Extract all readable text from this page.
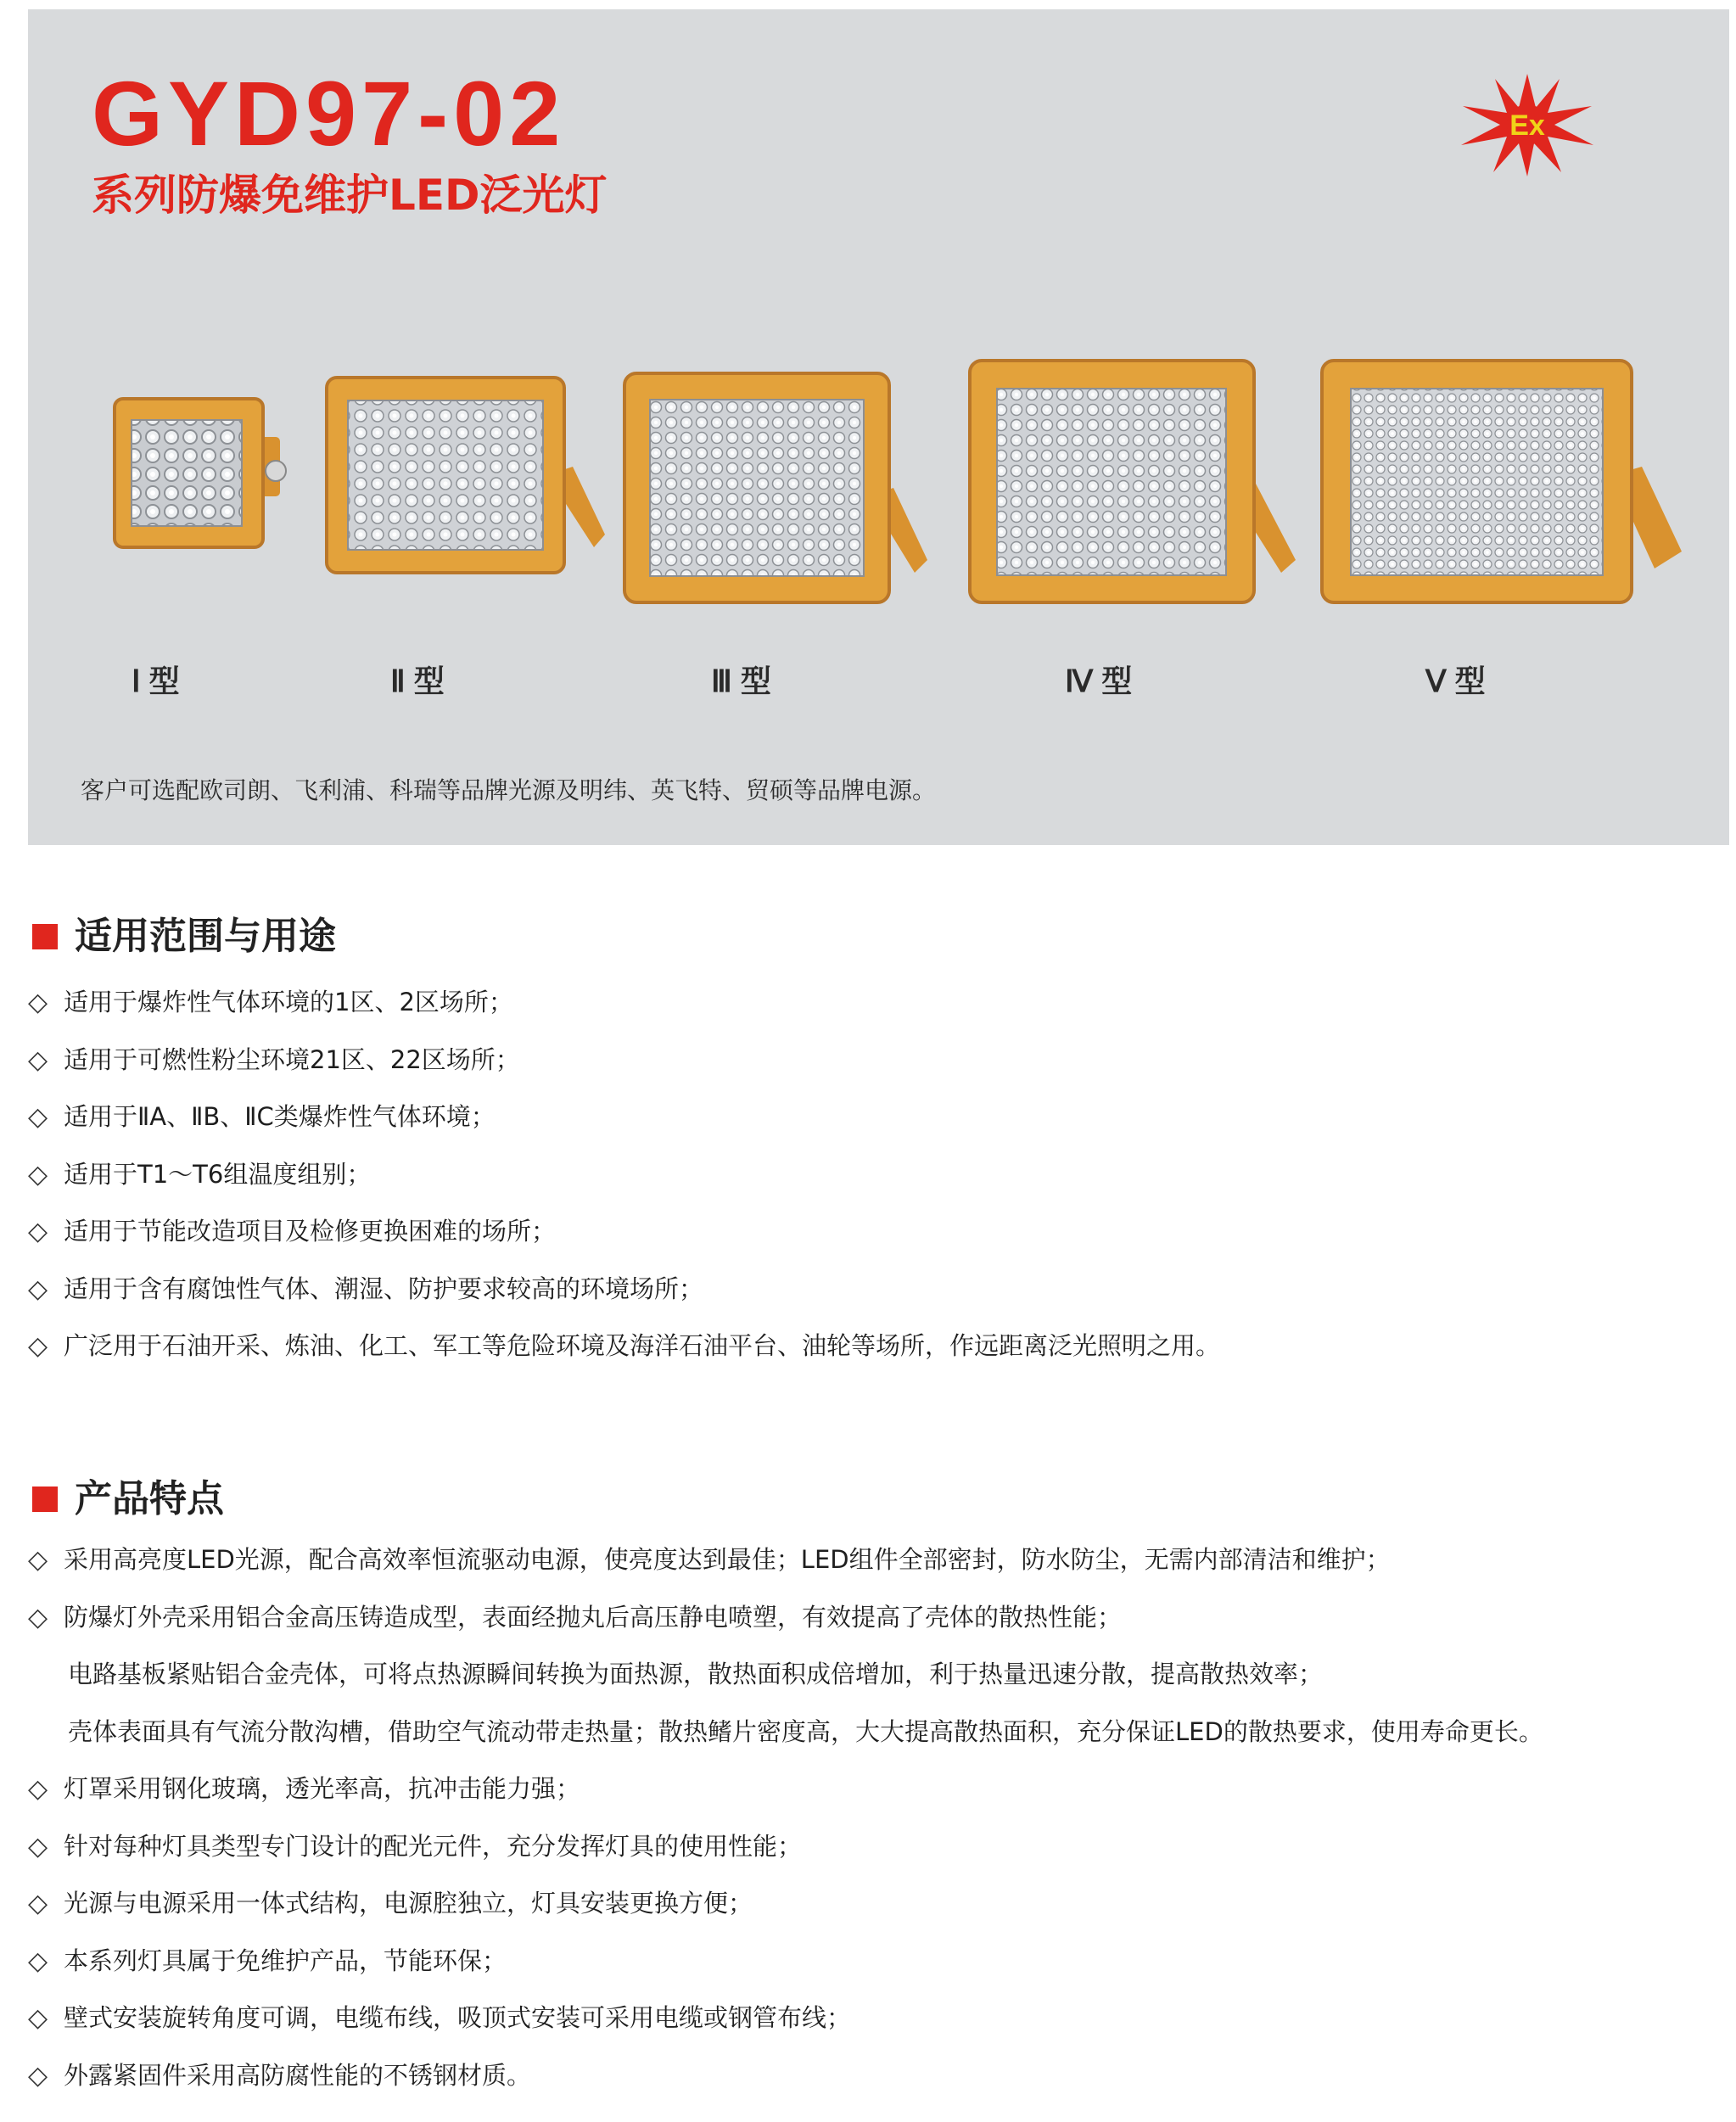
GYD97-02
系列防爆免维护LED泛光灯
Ex
Ⅰ 型	Ⅱ 型	Ⅲ 型	Ⅳ 型	Ⅴ 型
客户可选配欧司朗、飞利浦、科瑞等品牌光源及明纬、英飞特、贸硕等品牌电源。
适用范围与用途
◇ 适用于爆炸性气体环境的1区、2区场所；
◇ 适用于可燃性粉尘环境21区、22区场所；
◇ 适用于ⅡA、ⅡB、ⅡC类爆炸性气体环境；
◇ 适用于T1～T6组温度组别；
◇ 适用于节能改造项目及检修更换困难的场所；
◇ 适用于含有腐蚀性气体、潮湿、防护要求较高的环境场所；
◇ 广泛用于石油开采、炼油、化工、军工等危险环境及海洋石油平台、油轮等场所，作远距离泛光照明之用。
产品特点
◇ 采用高亮度LED光源，配合高效率恒流驱动电源，使亮度达到最佳；LED组件全部密封，防水防尘，无需内部清洁和维护；
◇ 防爆灯外壳采用铝合金高压铸造成型，表面经抛丸后高压静电喷塑，有效提高了壳体的散热性能；
电路基板紧贴铝合金壳体，可将点热源瞬间转换为面热源，散热面积成倍增加，利于热量迅速分散，提高散热效率；
壳体表面具有气流分散沟槽，借助空气流动带走热量；散热鳍片密度高，大大提高散热面积，充分保证LED的散热要求，使用寿命更长。
◇ 灯罩采用钢化玻璃，透光率高，抗冲击能力强；
◇ 针对每种灯具类型专门设计的配光元件，充分发挥灯具的使用性能；
◇ 光源与电源采用一体式结构，电源腔独立，灯具安装更换方便；
◇ 本系列灯具属于免维护产品，节能环保；
◇ 壁式安装旋转角度可调，电缆布线，吸顶式安装可采用电缆或钢管布线；
◇ 外露紧固件采用高防腐性能的不锈钢材质。
